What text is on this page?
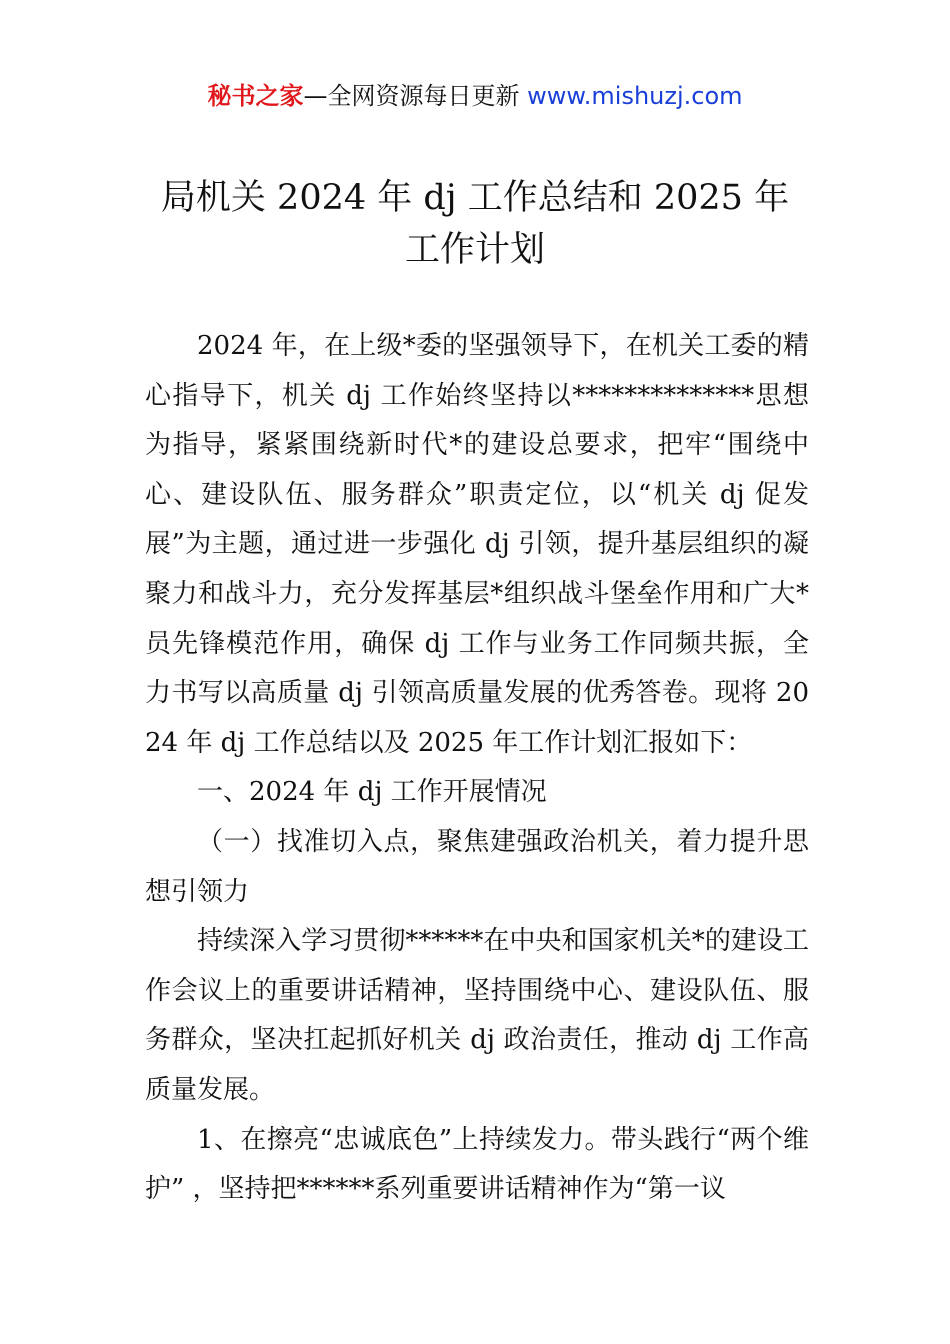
秘书之家—全网资源每日更新 www.mishuzj.com
局机关 2024 年 dj 工作总结和 2025 年
工作计划

2024 年，在上级*委的坚强领导下，在机关工委的精心指导下，机关 dj 工作始终坚持以**************思想为指导，紧紧围绕新时代*的建设总要求，把牢“围绕中心、建设队伍、服务群众”职责定位，以“机关 dj 促发展”为主题，通过进一步强化 dj 引领，提升基层组织的凝聚力和战斗力，充分发挥基层*组织战斗堡垒作用和广大*员先锋模范作用，确保 dj 工作与业务工作同频共振，全力书写以高质量 dj 引领高质量发展的优秀答卷。现将 2024 年 dj 工作总结以及 2025 年工作计划汇报如下：

一、2024 年 dj 工作开展情况

（一）找准切入点，聚焦建强政治机关，着力提升思想引领力

持续深入学习贯彻******在中央和国家机关*的建设工作会议上的重要讲话精神，坚持围绕中心、建设队伍、服务群众，坚决扛起抓好机关 dj 政治责任，推动 dj 工作高质量发展。

1、在擦亮“忠诚底色”上持续发力。带头践行“两个维护” ，坚持把******系列重要讲话精神作为“第一议
